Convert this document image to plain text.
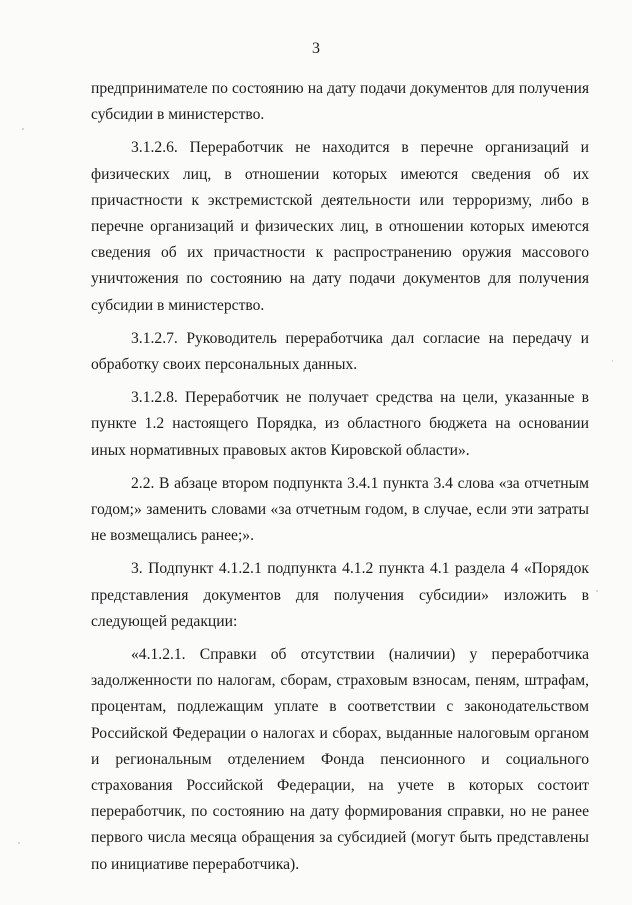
3

предпринимателе по состоянию на дату подачи документов для получения субсидии в министерство.

3.1.2.6. Переработчик не находится в перечне организаций и физических лиц, в отношении которых имеются сведения об их причастности к экстремистской деятельности или терроризму, либо в перечне организаций и физических лиц, в отношении которых имеются сведения об их причастности к распространению оружия массового уничтожения по состоянию на дату подачи документов для получения субсидии в министерство.

3.1.2.7. Руководитель переработчика дал согласие на передачу и обработку своих персональных данных.

3.1.2.8. Переработчик не получает средства на цели, указанные в пункте 1.2 настоящего Порядка, из областного бюджета на основании иных нормативных правовых актов Кировской области».

2.2. В абзаце втором подпункта 3.4.1 пункта 3.4 слова «за отчетным годом;» заменить словами «за отчетным годом, в случае, если эти затраты не возмещались ранее;».

3. Подпункт 4.1.2.1 подпункта 4.1.2 пункта 4.1 раздела 4 «Порядок представления документов для получения субсидии» изложить в следующей редакции:

«4.1.2.1. Справки об отсутствии (наличии) у переработчика задолженности по налогам, сборам, страховым взносам, пеням, штрафам, процентам, подлежащим уплате в соответствии с законодательством Российской Федерации о налогах и сборах, выданные налоговым органом и региональным отделением Фонда пенсионного и социального страхования Российской Федерации, на учете в которых состоит переработчик, по состоянию на дату формирования справки, но не ранее первого числа месяца обращения за субсидией (могут быть представлены по инициативе переработчика).
